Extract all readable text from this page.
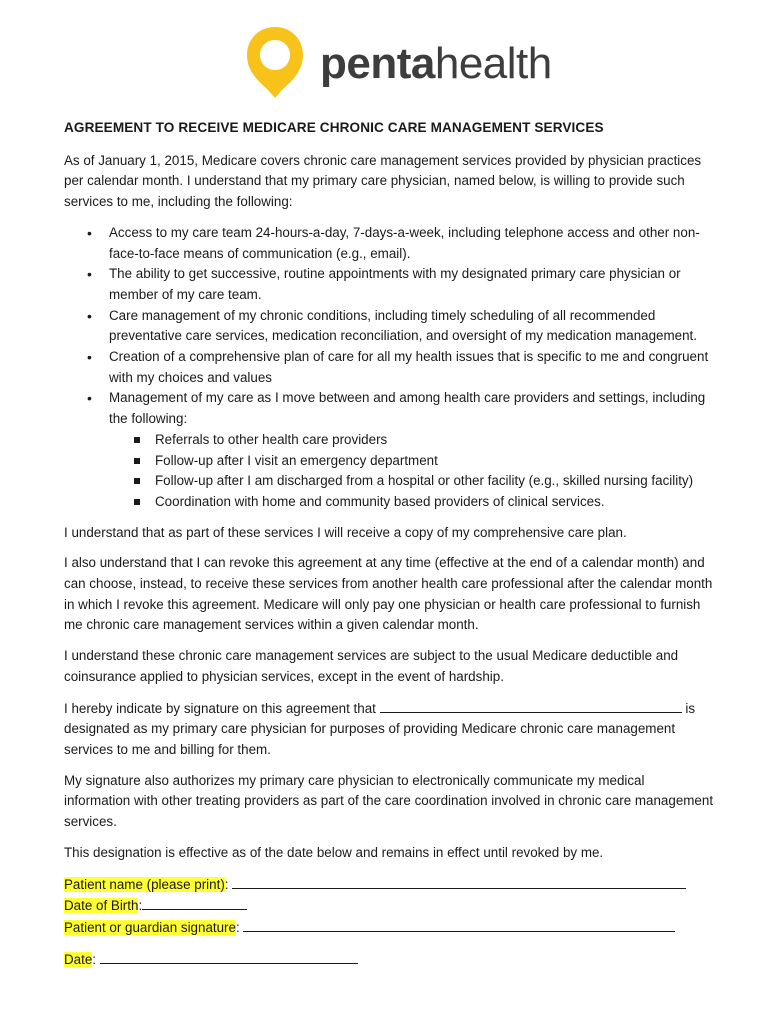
pentahealth
AGREEMENT TO RECEIVE MEDICARE CHRONIC CARE MANAGEMENT SERVICES

As of January 1, 2015, Medicare covers chronic care management services provided by physician practices per calendar month. I understand that my primary care physician, named below, is willing to provide such services to me, including the following:

• Access to my care team 24-hours-a-day, 7-days-a-week, including telephone access and other non-face-to-face means of communication (e.g., email).
• The ability to get successive, routine appointments with my designated primary care physician or member of my care team.
• Care management of my chronic conditions, including timely scheduling of all recommended preventative care services, medication reconciliation, and oversight of my medication management.
• Creation of a comprehensive plan of care for all my health issues that is specific to me and congruent with my choices and values
• Management of my care as I move between and among health care providers and settings, including the following:
Referrals to other health care providers
Follow-up after I visit an emergency department
Follow-up after I am discharged from a hospital or other facility (e.g., skilled nursing facility)
Coordination with home and community based providers of clinical services.

I understand that as part of these services I will receive a copy of my comprehensive care plan.

I also understand that I can revoke this agreement at any time (effective at the end of a calendar month) and can choose, instead, to receive these services from another health care professional after the calendar month in which I revoke this agreement. Medicare will only pay one physician or health care professional to furnish me chronic care management services within a given calendar month.

I understand these chronic care management services are subject to the usual Medicare deductible and coinsurance applied to physician services, except in the event of hardship.

I hereby indicate by signature on this agreement that	is designated as my primary care physician for purposes of providing Medicare chronic care management services to me and billing for them.

My signature also authorizes my primary care physician to electronically communicate my medical information with other treating providers as part of the care coordination involved in chronic care management services.

This designation is effective as of the date below and remains in effect until revoked by me.

Patient name (please print):
Date of Birth:
Patient or guardian signature:
Date:
